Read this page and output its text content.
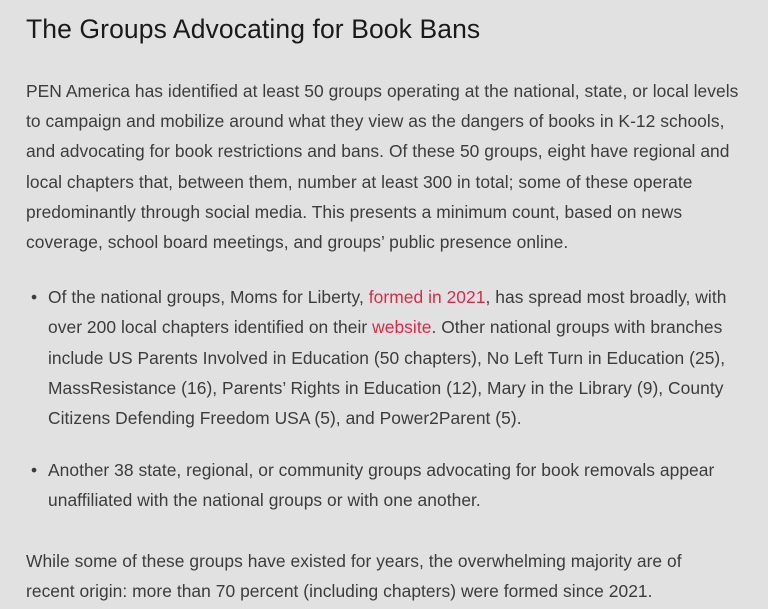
The Groups Advocating for Book Bans

PEN America has identified at least 50 groups operating at the national, state, or local levels to campaign and mobilize around what they view as the dangers of books in K-12 schools, and advocating for book restrictions and bans. Of these 50 groups, eight have regional and local chapters that, between them, number at least 300 in total; some of these operate predominantly through social media. This presents a minimum count, based on news coverage, school board meetings, and groups’ public presence online.

• Of the national groups, Moms for Liberty, formed in 2021, has spread most broadly, with over 200 local chapters identified on their website. Other national groups with branches include US Parents Involved in Education (50 chapters), No Left Turn in Education (25), MassResistance (16), Parents’ Rights in Education (12), Mary in the Library (9), County Citizens Defending Freedom USA (5), and Power2Parent (5).
• Another 38 state, regional, or community groups advocating for book removals appear unaffiliated with the national groups or with one another.

While some of these groups have existed for years, the overwhelming majority are of recent origin: more than 70 percent (including chapters) were formed since 2021.
